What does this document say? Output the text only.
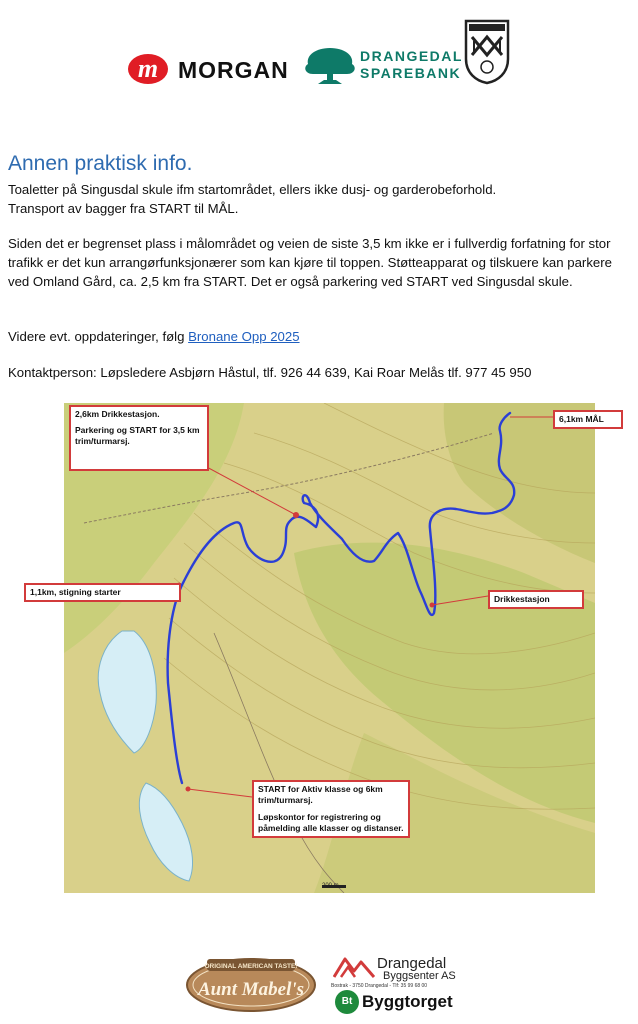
m MORGAN
DRANGEDAL
SPAREBANK
Annen praktisk info.
Toaletter på Singusdal skule ifm startområdet, ellers ikke dusj- og garderobeforhold.
Transport av bagger fra START til MÅL.
Siden det er begrenset plass i målområdet og veien de siste 3,5 km ikke er i fullverdig forfatning for stor trafikk er det kun arrangørfunksjonærer som kan kjøre til toppen. Støtteapparat og tilskuere kan parkere ved Omland Gård, ca. 2,5 km fra START. Det er også parkering ved START ved Singusdal skule.
Videre evt. oppdateringer, følg Bronane Opp 2025
Kontaktperson: Løpsledere Asbjørn Håstul, tlf. 926 44 639, Kai Roar Melås tlf. 977 45 950
2,6km Drikkestasjon.
Parkering og START for 3,5 km trim/turmarsj.
6,1km MÅL
1,1km, stigning starter
Drikkestasjon
START for Aktiv klasse og 6km trim/turmarsj.
Løpskontor for registrering og påmelding alle klasser og distanser.
200 m
ORIGINAL AMERICAN TASTE!
Aunt Mabel's
Drangedal
Byggsenter AS
Bostrak - 3750 Drangedal - Tlf: 35 99 68 00
Bt Byggtorget
